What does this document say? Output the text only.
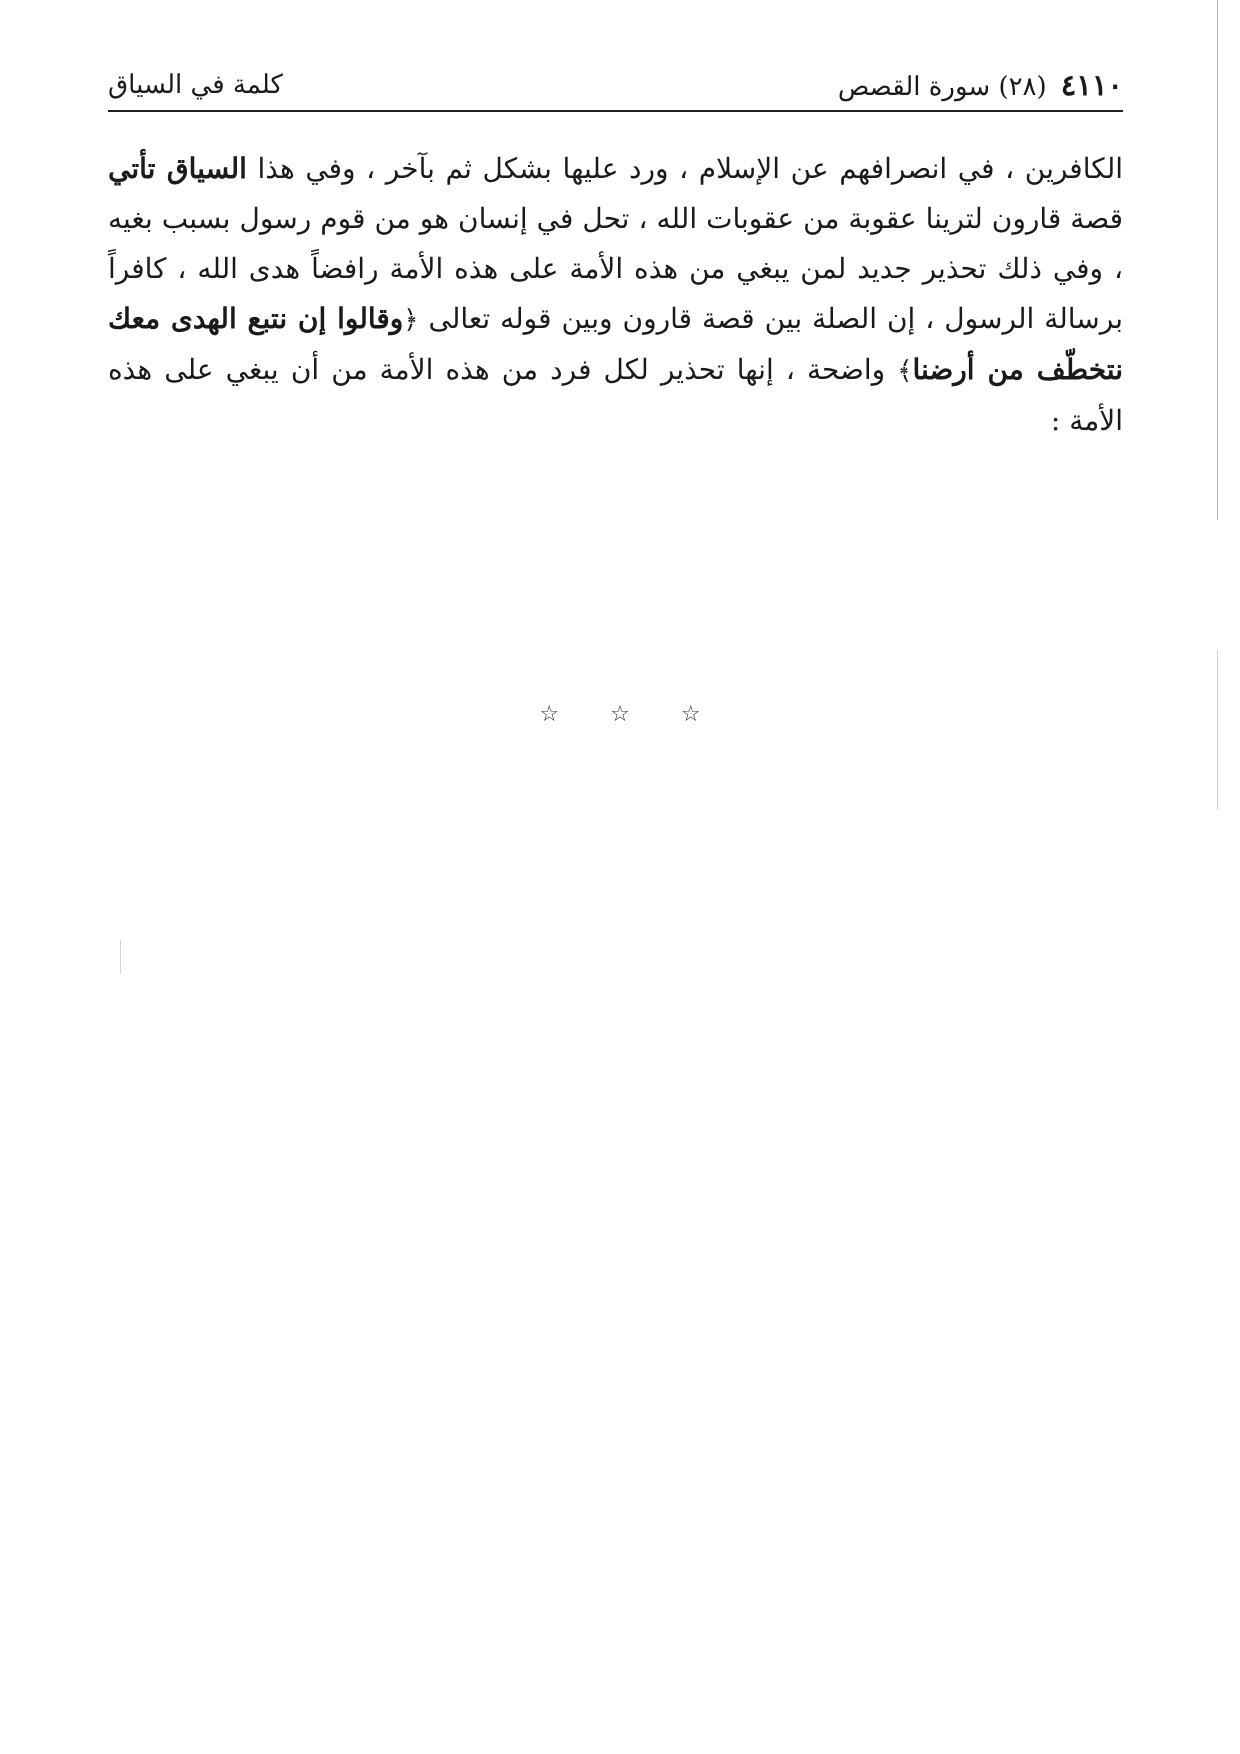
٤١١٠
(٢٨) سورة القصص
كلمة في السياق

الكافرين ، في انصرافهم عن الإسلام ، ورد عليها بشكل ثم بآخر ، وفي هذا السياق تأتي قصة قارون لترينا عقوبة من عقوبات الله ، تحل في إنسان هو من قوم رسول بسبب بغيه ، وفي ذلك تحذير جديد لمن يبغي من هذه الأمة على هذه الأمة رافضاً هدى الله ، كافراً برسالة الرسول ، إن الصلة بين قصة قارون وبين قوله تعالى ﴿وقالوا إن نتبع الهدى معك نتخطّف من أرضنا﴾ واضحة ، إنها تحذير لكل فرد من هذه الأمة من أن يبغي على هذه الأمة :

☆ ☆ ☆
